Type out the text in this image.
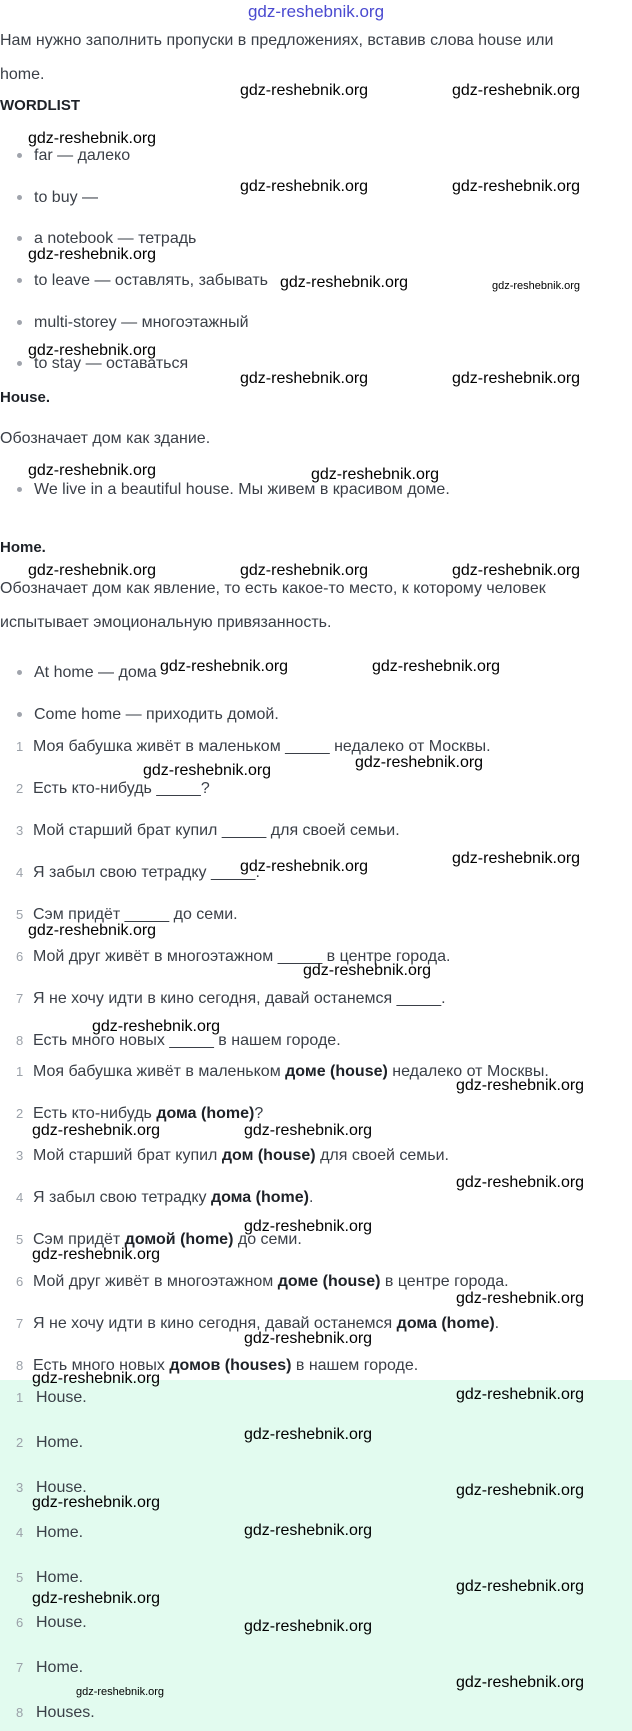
gdz-reshebnik.org
Нам нужно заполнить пропуски в предложениях, вставив слова house или
home.
WORDLIST
far — далеко
to buy —
a notebook — тетрадь
to leave — оставлять, забывать
multi-storey — многоэтажный
to stay — оставаться
House.
Обозначает дом как здание.
We live in a beautiful house. Мы живем в красивом доме.
Home.
Обозначает дом как явление, то есть какое-то место, к которому человек
испытывает эмоциональную привязанность.
At home — дома
Come home — приходить домой.
1 Моя бабушка живёт в маленьком _____ недалеко от Москвы.
2 Есть кто-нибудь _____?
3 Мой старший брат купил _____ для своей семьи.
4 Я забыл свою тетрадку _____.
5 Сэм придёт _____ до семи.
6 Мой друг живёт в многоэтажном _____ в центре города.
7 Я не хочу идти в кино сегодня, давай останемся _____.
8 Есть много новых _____ в нашем городе.
1 Моя бабушка живёт в маленьком доме (house) недалеко от Москвы.
2 Есть кто-нибудь дома (home)?
3 Мой старший брат купил дом (house) для своей семьи.
4 Я забыл свою тетрадку дома (home).
5 Сэм придёт домой (home) до семи.
6 Мой друг живёт в многоэтажном доме (house) в центре города.
7 Я не хочу идти в кино сегодня, давай останемся дома (home).
8 Есть много новых домов (houses) в нашем городе.
1 House.
2 Home.
3 House.
4 Home.
5 Home.
6 House.
7 Home.
8 Houses.
gdz-reshebnik.org	gdz-reshebnik.org
gdz-reshebnik.org
gdz-reshebnik.org	gdz-reshebnik.org
gdz-reshebnik.org
gdz-reshebnik.org	gdz-reshebnik.org
gdz-reshebnik.org
gdz-reshebnik.org	gdz-reshebnik.org
gdz-reshebnik.org	gdz-reshebnik.org
gdz-reshebnik.org	gdz-reshebnik.org	gdz-reshebnik.org
gdz-reshebnik.org	gdz-reshebnik.org
gdz-reshebnik.org
gdz-reshebnik.org
gdz-reshebnik.org
gdz-reshebnik.org
gdz-reshebnik.org
gdz-reshebnik.org
gdz-reshebnik.org
gdz-reshebnik.org
gdz-reshebnik.org	gdz-reshebnik.org
gdz-reshebnik.org
gdz-reshebnik.org
gdz-reshebnik.org
gdz-reshebnik.org
gdz-reshebnik.org
gdz-reshebnik.org
gdz-reshebnik.org
gdz-reshebnik.org
gdz-reshebnik.org
gdz-reshebnik.org
gdz-reshebnik.org
gdz-reshebnik.org
gdz-reshebnik.org
gdz-reshebnik.org
gdz-reshebnik.org
gdz-reshebnik.org
